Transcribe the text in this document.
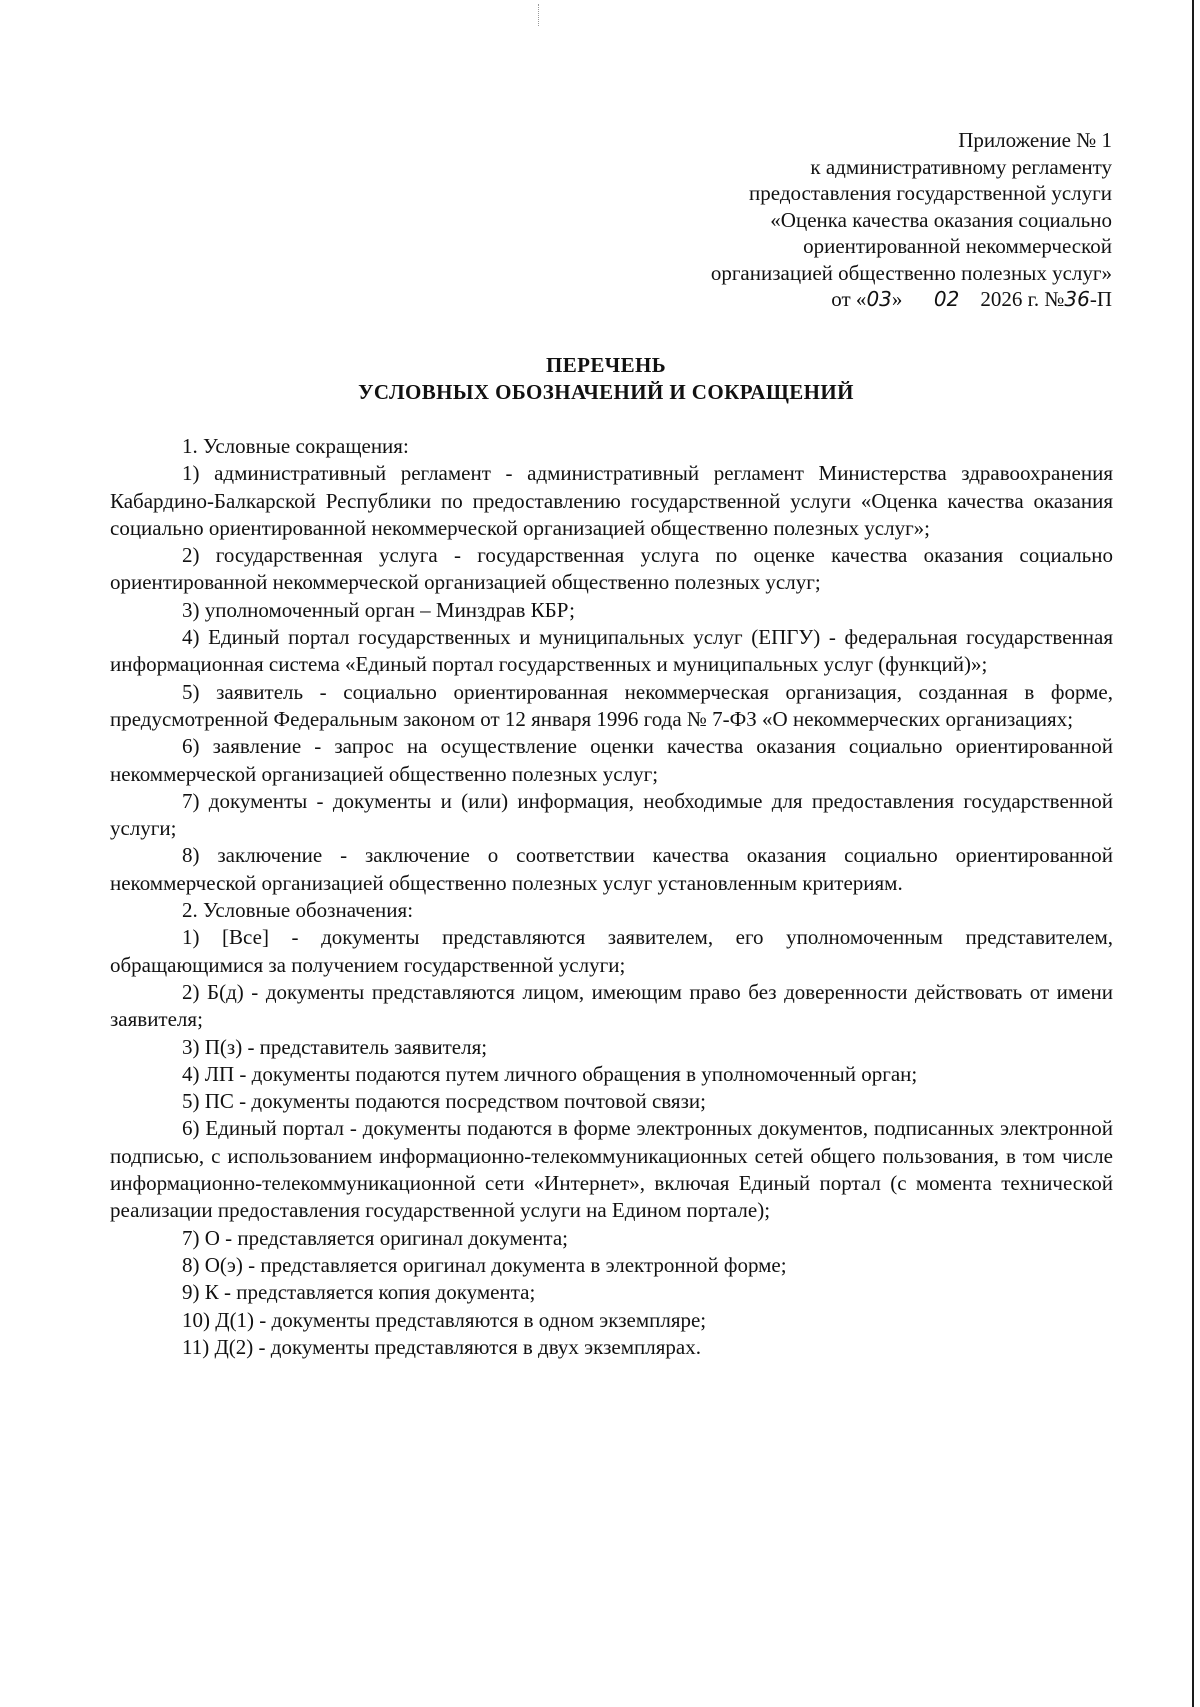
Приложение № 1
к административному регламенту
предоставления государственной услуги
«Оценка качества оказания социально
ориентированной некоммерческой
организацией общественно полезных услуг»
от «03» 02 2026 г. №36-П
ПЕРЕЧЕНЬ
УСЛОВНЫХ ОБОЗНАЧЕНИЙ И СОКРАЩЕНИЙ

1. Условные сокращения:

1) административный регламент - административный регламент Министерства здравоохранения Кабардино-Балкарской Республики по предоставлению государственной услуги «Оценка качества оказания социально ориентированной некоммерческой организацией общественно полезных услуг»;

2) государственная услуга - государственная услуга по оценке качества оказания социально ориентированной некоммерческой организацией общественно полезных услуг;

3) уполномоченный орган – Минздрав КБР;

4) Единый портал государственных и муниципальных услуг (ЕПГУ) - федеральная государственная информационная система «Единый портал государственных и муниципальных услуг (функций)»;

5) заявитель - социально ориентированная некоммерческая организация, созданная в форме, предусмотренной Федеральным законом от 12 января 1996 года № 7-ФЗ «О некоммерческих организациях;

6) заявление - запрос на осуществление оценки качества оказания социально ориентированной некоммерческой организацией общественно полезных услуг;

7) документы - документы и (или) информация, необходимые для предоставления государственной услуги;

8) заключение - заключение о соответствии качества оказания социально ориентированной некоммерческой организацией общественно полезных услуг установленным критериям.

2. Условные обозначения:

1) [Все] - документы представляются заявителем, его уполномоченным представителем, обращающимися за получением государственной услуги;

2) Б(д) - документы представляются лицом, имеющим право без доверенности действовать от имени заявителя;

3) П(з) - представитель заявителя;

4) ЛП - документы подаются путем личного обращения в уполномоченный орган;

5) ПС - документы подаются посредством почтовой связи;

6) Единый портал - документы подаются в форме электронных документов, подписанных электронной подписью, с использованием информационно-телекоммуникационных сетей общего пользования, в том числе информационно-телекоммуникационной сети «Интернет», включая Единый портал (с момента технической реализации предоставления государственной услуги на Едином портале);

7) О - представляется оригинал документа;

8) О(э) - представляется оригинал документа в электронной форме;

9) К - представляется копия документа;

10) Д(1) - документы представляются в одном экземпляре;

11) Д(2) - документы представляются в двух экземплярах.
